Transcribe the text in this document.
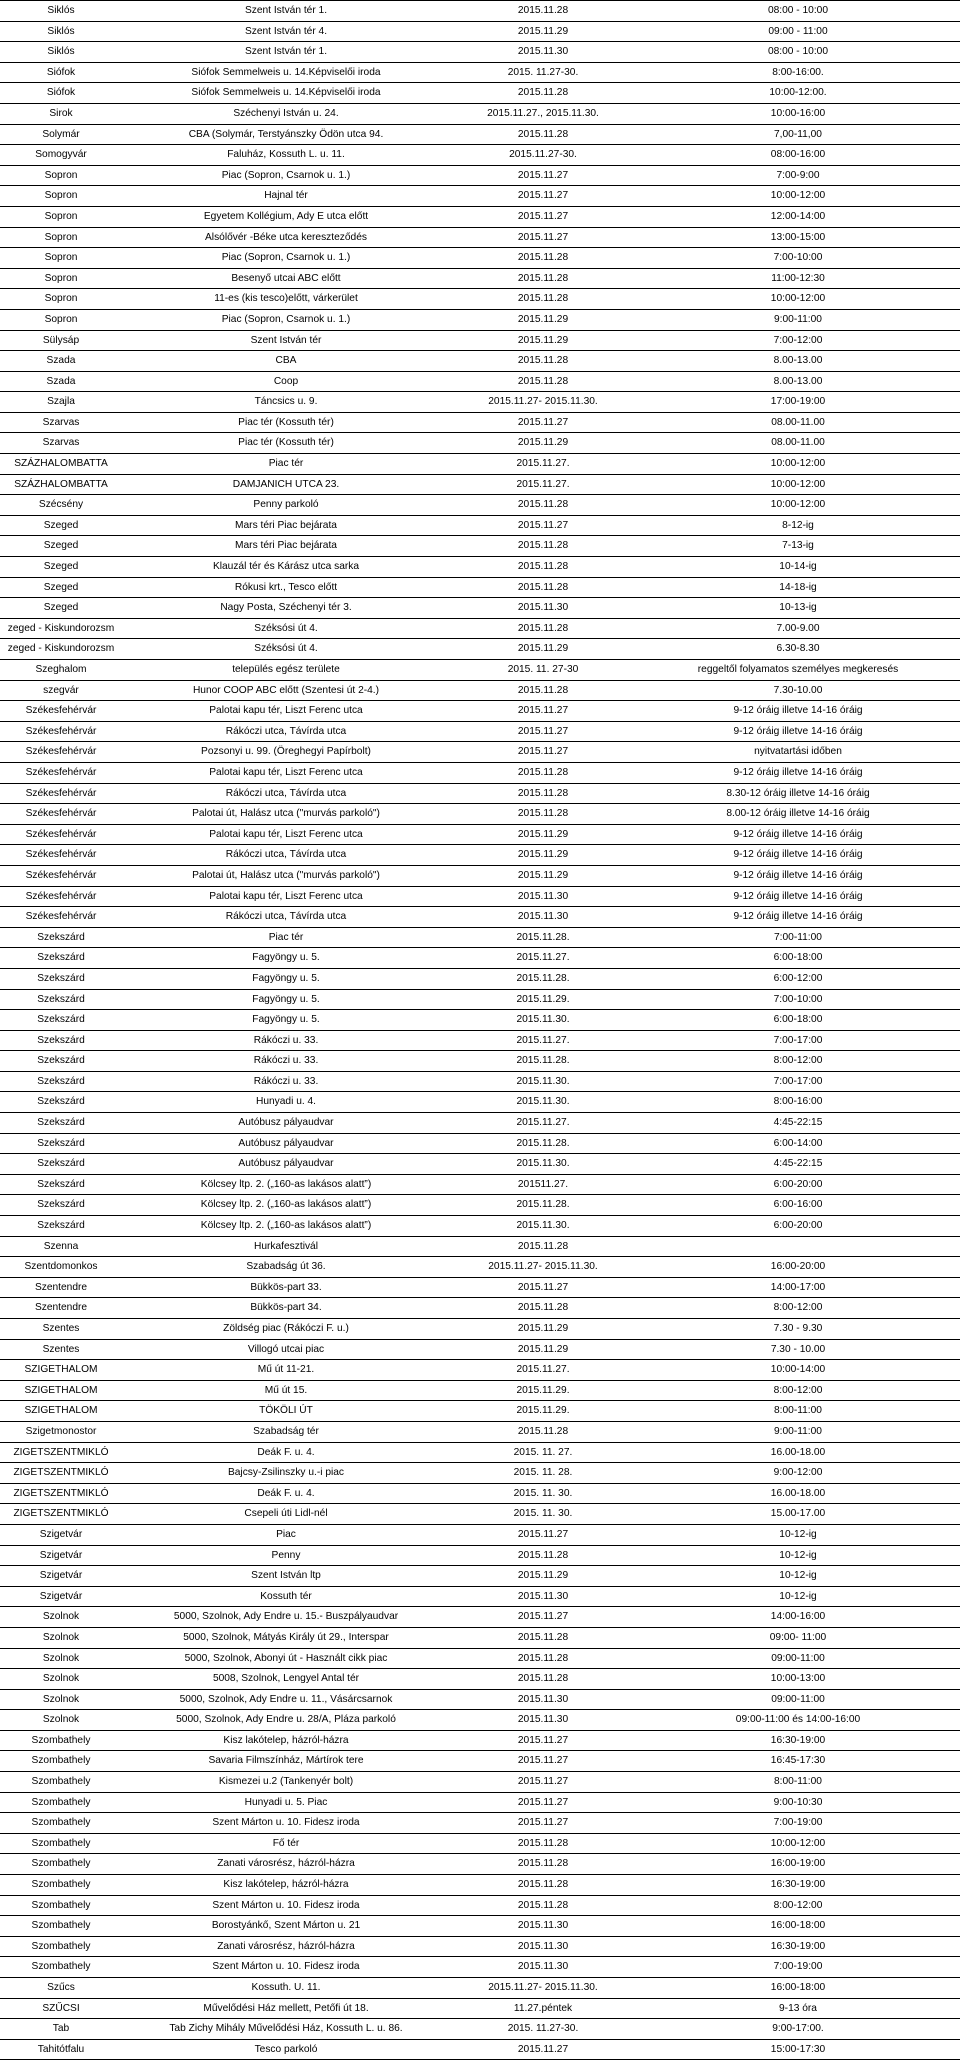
Siklós	Szent István tér 1.	2015.11.28	08:00 - 10:00
Siklós	Szent István tér 4.	2015.11.29	09:00 - 11:00
Siklós	Szent István tér 1.	2015.11.30	08:00 - 10:00
Siófok	Siófok Semmelweis u. 14.Képviselői iroda	2015. 11.27-30.	8:00-16:00.
Siófok	Siófok Semmelweis u. 14.Képviselői iroda	2015.11.28	10:00-12:00.
Sirok	Széchenyi István u. 24.	2015.11.27., 2015.11.30.	10:00-16:00
Solymár	CBA (Solymár, Terstyánszky Ödön utca 94.	2015.11.28	7,00-11,00
Somogyvár	Faluház, Kossuth L. u. 11.	2015.11.27-30.	08:00-16:00
Sopron	Piac (Sopron, Csarnok u. 1.)	2015.11.27	7:00-9:00
Sopron	Hajnal tér	2015.11.27	10:00-12:00
Sopron	Egyetem Kollégium, Ady E utca előtt	2015.11.27	12:00-14:00
Sopron	Alsólővér -Béke utca kereszteződés	2015.11.27	13:00-15:00
Sopron	Piac (Sopron, Csarnok u. 1.)	2015.11.28	7:00-10:00
Sopron	Besenyő utcai ABC előtt	2015.11.28	11:00-12:30
Sopron	11-es (kis tesco)előtt, várkerület	2015.11.28	10:00-12:00
Sopron	Piac (Sopron, Csarnok u. 1.)	2015.11.29	9:00-11:00
Sülysáp	Szent István tér	2015.11.29	7:00-12:00
Szada	CBA	2015.11.28	8.00-13.00
Szada	Coop	2015.11.28	8.00-13.00
Szajla	Táncsics u. 9.	2015.11.27- 2015.11.30.	17:00-19:00
Szarvas	Piac tér (Kossuth tér)	2015.11.27	08.00-11.00
Szarvas	Piac tér (Kossuth tér)	2015.11.29	08.00-11.00
SZÁZHALOMBATTA	Piac tér	2015.11.27.	10:00-12:00
SZÁZHALOMBATTA	DAMJANICH UTCA 23.	2015.11.27.	10:00-12:00
Szécsény	Penny parkoló	2015.11.28	10:00-12:00
Szeged	Mars téri Piac bejárata	2015.11.27	8-12-ig
Szeged	Mars téri Piac bejárata	2015.11.28	7-13-ig
Szeged	Klauzál tér és Kárász utca sarka	2015.11.28	10-14-ig
Szeged	Rókusi krt., Tesco előtt	2015.11.28	14-18-ig
Szeged	Nagy Posta, Széchenyi tér 3.	2015.11.30	10-13-ig
zeged - Kiskundorozsm	Széksósi út 4.	2015.11.28	7.00-9.00
zeged - Kiskundorozsm	Széksósi út 4.	2015.11.29	6.30-8.30
Szeghalom	település egész területe	2015. 11. 27-30	reggeltől folyamatos személyes megkeresés
szegvár	Hunor COOP ABC előtt (Szentesi út 2-4.)	2015.11.28	7.30-10.00
Székesfehérvár	Palotai kapu tér, Liszt Ferenc utca	2015.11.27	9-12 óráig illetve 14-16 óráig
Székesfehérvár	Rákóczi utca, Távírda utca	2015.11.27	9-12 óráig illetve 14-16 óráig
Székesfehérvár	Pozsonyi u. 99. (Öreghegyi Papírbolt)	2015.11.27	nyitvatartási időben
Székesfehérvár	Palotai kapu tér, Liszt Ferenc utca	2015.11.28	9-12 óráig illetve 14-16 óráig
Székesfehérvár	Rákóczi utca, Távírda utca	2015.11.28	8.30-12 óráig illetve 14-16 óráig
Székesfehérvár	Palotai út, Halász utca ("murvás parkoló")	2015.11.28	8.00-12 óráig illetve 14-16 óráig
Székesfehérvár	Palotai kapu tér, Liszt Ferenc utca	2015.11.29	9-12 óráig illetve 14-16 óráig
Székesfehérvár	Rákóczi utca, Távírda utca	2015.11.29	9-12 óráig illetve 14-16 óráig
Székesfehérvár	Palotai út, Halász utca ("murvás parkoló")	2015.11.29	9-12 óráig illetve 14-16 óráig
Székesfehérvár	Palotai kapu tér, Liszt Ferenc utca	2015.11.30	9-12 óráig illetve 14-16 óráig
Székesfehérvár	Rákóczi utca, Távírda utca	2015.11.30	9-12 óráig illetve 14-16 óráig
Szekszárd	Piac tér	2015.11.28.	7:00-11:00
Szekszárd	Fagyöngy u. 5.	2015.11.27.	6:00-18:00
Szekszárd	Fagyöngy u. 5.	2015.11.28.	6:00-12:00
Szekszárd	Fagyöngy u. 5.	2015.11.29.	7:00-10:00
Szekszárd	Fagyöngy u. 5.	2015.11.30.	6:00-18:00
Szekszárd	Rákóczi u. 33.	2015.11.27.	7:00-17:00
Szekszárd	Rákóczi u. 33.	2015.11.28.	8:00-12:00
Szekszárd	Rákóczi u. 33.	2015.11.30.	7:00-17:00
Szekszárd	Hunyadi u. 4.	2015.11.30.	8:00-16:00
Szekszárd	Autóbusz pályaudvar	2015.11.27.	4:45-22:15
Szekszárd	Autóbusz pályaudvar	2015.11.28.	6:00-14:00
Szekszárd	Autóbusz pályaudvar	2015.11.30.	4:45-22:15
Szekszárd	Kölcsey ltp. 2. („160-as lakásos alatt”)	201511.27.	6:00-20:00
Szekszárd	Kölcsey ltp. 2. („160-as lakásos alatt”)	2015.11.28.	6:00-16:00
Szekszárd	Kölcsey ltp. 2. („160-as lakásos alatt”)	2015.11.30.	6:00-20:00
Szenna	Hurkafesztivál	2015.11.28
Szentdomonkos	Szabadság út 36.	2015.11.27- 2015.11.30.	16:00-20:00
Szentendre	Bükkös-part 33.	2015.11.27	14:00-17:00
Szentendre	Bükkös-part 34.	2015.11.28	8:00-12:00
Szentes	Zöldség piac (Rákóczi F. u.)	2015.11.29	7.30 - 9.30
Szentes	Villogó utcai piac	2015.11.29	7.30 - 10.00
SZIGETHALOM	Mű út 11-21.	2015.11.27.	10:00-14:00
SZIGETHALOM	Mű út 15.	2015.11.29.	8:00-12:00
SZIGETHALOM	TÖKÖLI ÚT	2015.11.29.	8:00-11:00
Szigetmonostor	Szabadság tér	2015.11.28	9:00-11:00
ZIGETSZENTMIKLÓ	Deák F. u. 4.	2015. 11. 27.	16.00-18.00
ZIGETSZENTMIKLÓ	Bajcsy-Zsilinszky u.-i piac	2015. 11. 28.	9:00-12:00
ZIGETSZENTMIKLÓ	Deák F. u. 4.	2015. 11. 30.	16.00-18.00
ZIGETSZENTMIKLÓ	Csepeli úti Lidl-nél	2015. 11. 30.	15.00-17.00
Szigetvár	Piac	2015.11.27	10-12-ig
Szigetvár	Penny	2015.11.28	10-12-ig
Szigetvár	Szent István ltp	2015.11.29	10-12-ig
Szigetvár	Kossuth tér	2015.11.30	10-12-ig
Szolnok	5000, Szolnok, Ady Endre u. 15.- Buszpályaudvar	2015.11.27	14:00-16:00
Szolnok	5000, Szolnok, Mátyás Király út 29., Interspar	2015.11.28	09:00- 11:00
Szolnok	5000, Szolnok, Abonyi út - Használt cikk piac	2015.11.28	09:00-11:00
Szolnok	5008, Szolnok, Lengyel Antal tér	2015.11.28	10:00-13:00
Szolnok	5000, Szolnok, Ady Endre u. 11., Vásárcsarnok	2015.11.30	09:00-11:00
Szolnok	5000, Szolnok, Ady Endre u. 28/A, Pláza parkoló	2015.11.30	09:00-11:00 és 14:00-16:00
Szombathely	Kisz lakótelep, házról-házra	2015.11.27	16:30-19:00
Szombathely	Savaria Filmszínház, Mártírok tere	2015.11.27	16:45-17:30
Szombathely	Kismezei u.2 (Tankenyér bolt)	2015.11.27	8:00-11:00
Szombathely	Hunyadi u. 5. Piac	2015.11.27	9:00-10:30
Szombathely	Szent Márton u. 10. Fidesz iroda	2015.11.27	7:00-19:00
Szombathely	Fő tér	2015.11.28	10:00-12:00
Szombathely	Zanati városrész, házról-házra	2015.11.28	16:00-19:00
Szombathely	Kisz lakótelep, házról-házra	2015.11.28	16:30-19:00
Szombathely	Szent Márton u. 10. Fidesz iroda	2015.11.28	8:00-12:00
Szombathely	Borostyánkő, Szent Márton u. 21	2015.11.30	16:00-18:00
Szombathely	Zanati városrész, házról-házra	2015.11.30	16:30-19:00
Szombathely	Szent Márton u. 10. Fidesz iroda	2015.11.30	7:00-19:00
Szűcs	Kossuth. U. 11.	2015.11.27- 2015.11.30.	16:00-18:00
SZŰCSI	Művelődési Ház mellett, Petőfi út 18.	11.27.péntek	9-13 óra
Tab	Tab Zichy Mihály Művelődési Ház, Kossuth L. u. 86.	2015. 11.27-30.	9:00-17:00.
Tahitótfalu	Tesco parkoló	2015.11.27	15:00-17:30
